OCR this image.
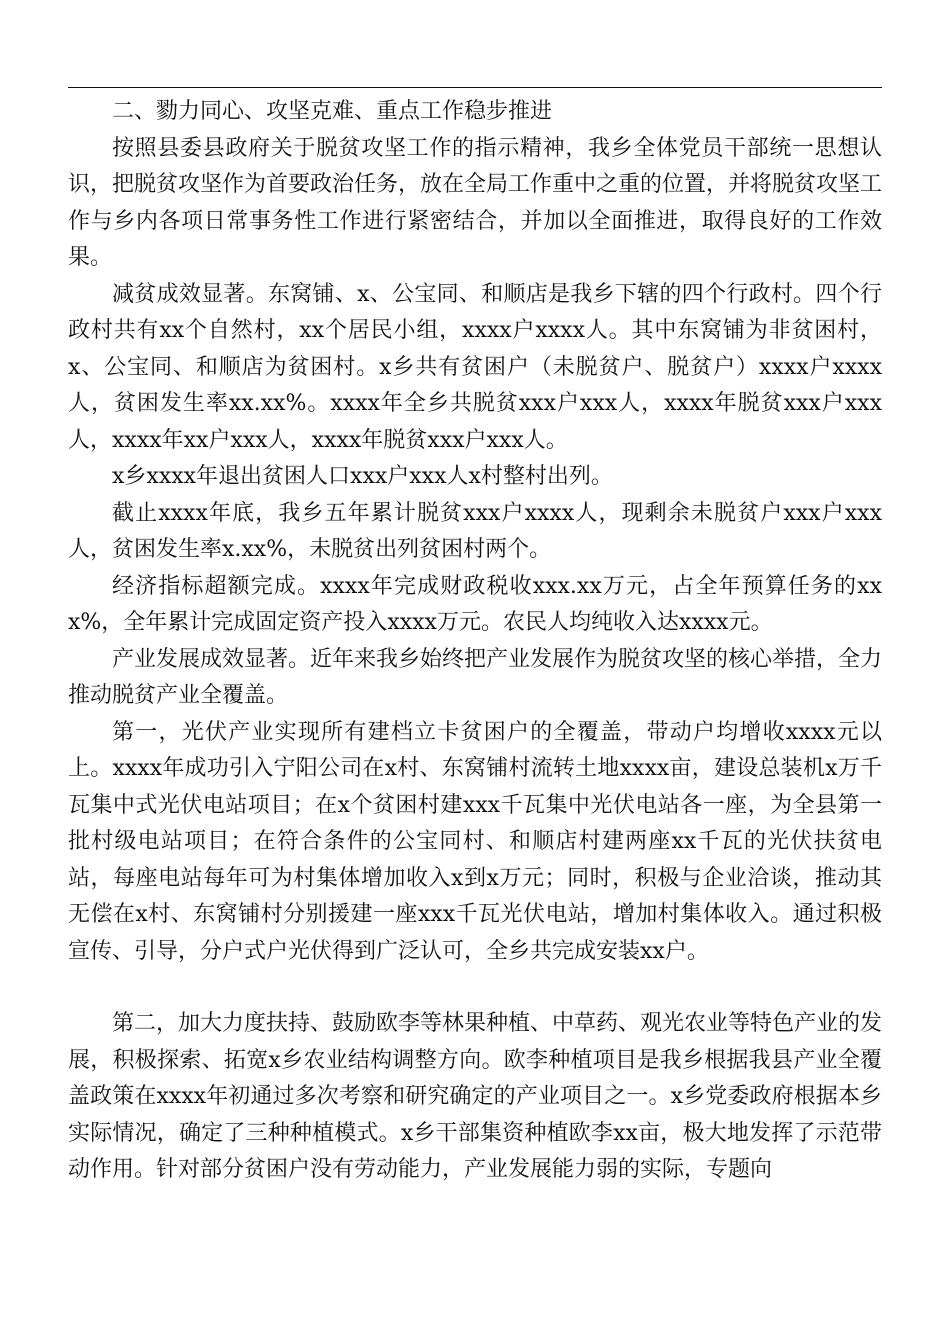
二、勠力同心、攻坚克难、重点工作稳步推进

按照县委县政府关于脱贫攻坚工作的指示精神，我乡全体党员干部统一思想认识，把脱贫攻坚作为首要政治任务，放在全局工作重中之重的位置，并将脱贫攻坚工作与乡内各项日常事务性工作进行紧密结合，并加以全面推进，取得良好的工作效果。

减贫成效显著。东窝铺、x、公宝同、和顺店是我乡下辖的四个行政村。四个行政村共有xx个自然村，xx个居民小组，xxxx户xxxx人。其中东窝铺为非贫困村，x、公宝同、和顺店为贫困村。x乡共有贫困户（未脱贫户、脱贫户）xxxx户xxxx人，贫困发生率xx.xx%。xxxx年全乡共脱贫xxx户xxx人，xxxx年脱贫xxx户xxx人，xxxx年xx户xxx人，xxxx年脱贫xxx户xxx人。

x乡xxxx年退出贫困人口xxx户xxx人x村整村出列。

截止xxxx年底，我乡五年累计脱贫xxx户xxxx人，现剩余未脱贫户xxx户xxx人，贫困发生率x.xx%，未脱贫出列贫困村两个。

经济指标超额完成。xxxx年完成财政税收xxx.xx万元，占全年预算任务的xxx%，全年累计完成固定资产投入xxxx万元。农民人均纯收入达xxxx元。

产业发展成效显著。近年来我乡始终把产业发展作为脱贫攻坚的核心举措，全力推动脱贫产业全覆盖。

第一，光伏产业实现所有建档立卡贫困户的全覆盖，带动户均增收xxxx元以上。xxxx年成功引入宁阳公司在x村、东窝铺村流转土地xxxx亩，建设总装机x万千瓦集中式光伏电站项目；在x个贫困村建xxx千瓦集中光伏电站各一座，为全县第一批村级电站项目；在符合条件的公宝同村、和顺店村建两座xx千瓦的光伏扶贫电站，每座电站每年可为村集体增加收入x到x万元；同时，积极与企业洽谈，推动其无偿在x村、东窝铺村分别援建一座xxx千瓦光伏电站，增加村集体收入。通过积极宣传、引导，分户式户光伏得到广泛认可，全乡共完成安装xx户。

第二，加大力度扶持、鼓励欧李等林果种植、中草药、观光农业等特色产业的发展，积极探索、拓宽x乡农业结构调整方向。欧李种植项目是我乡根据我县产业全覆盖政策在xxxx年初通过多次考察和研究确定的产业项目之一。x乡党委政府根据本乡实际情况，确定了三种种植模式。x乡干部集资种植欧李xx亩，极大地发挥了示范带动作用。针对部分贫困户没有劳动能力，产业发展能力弱的实际，专题向
